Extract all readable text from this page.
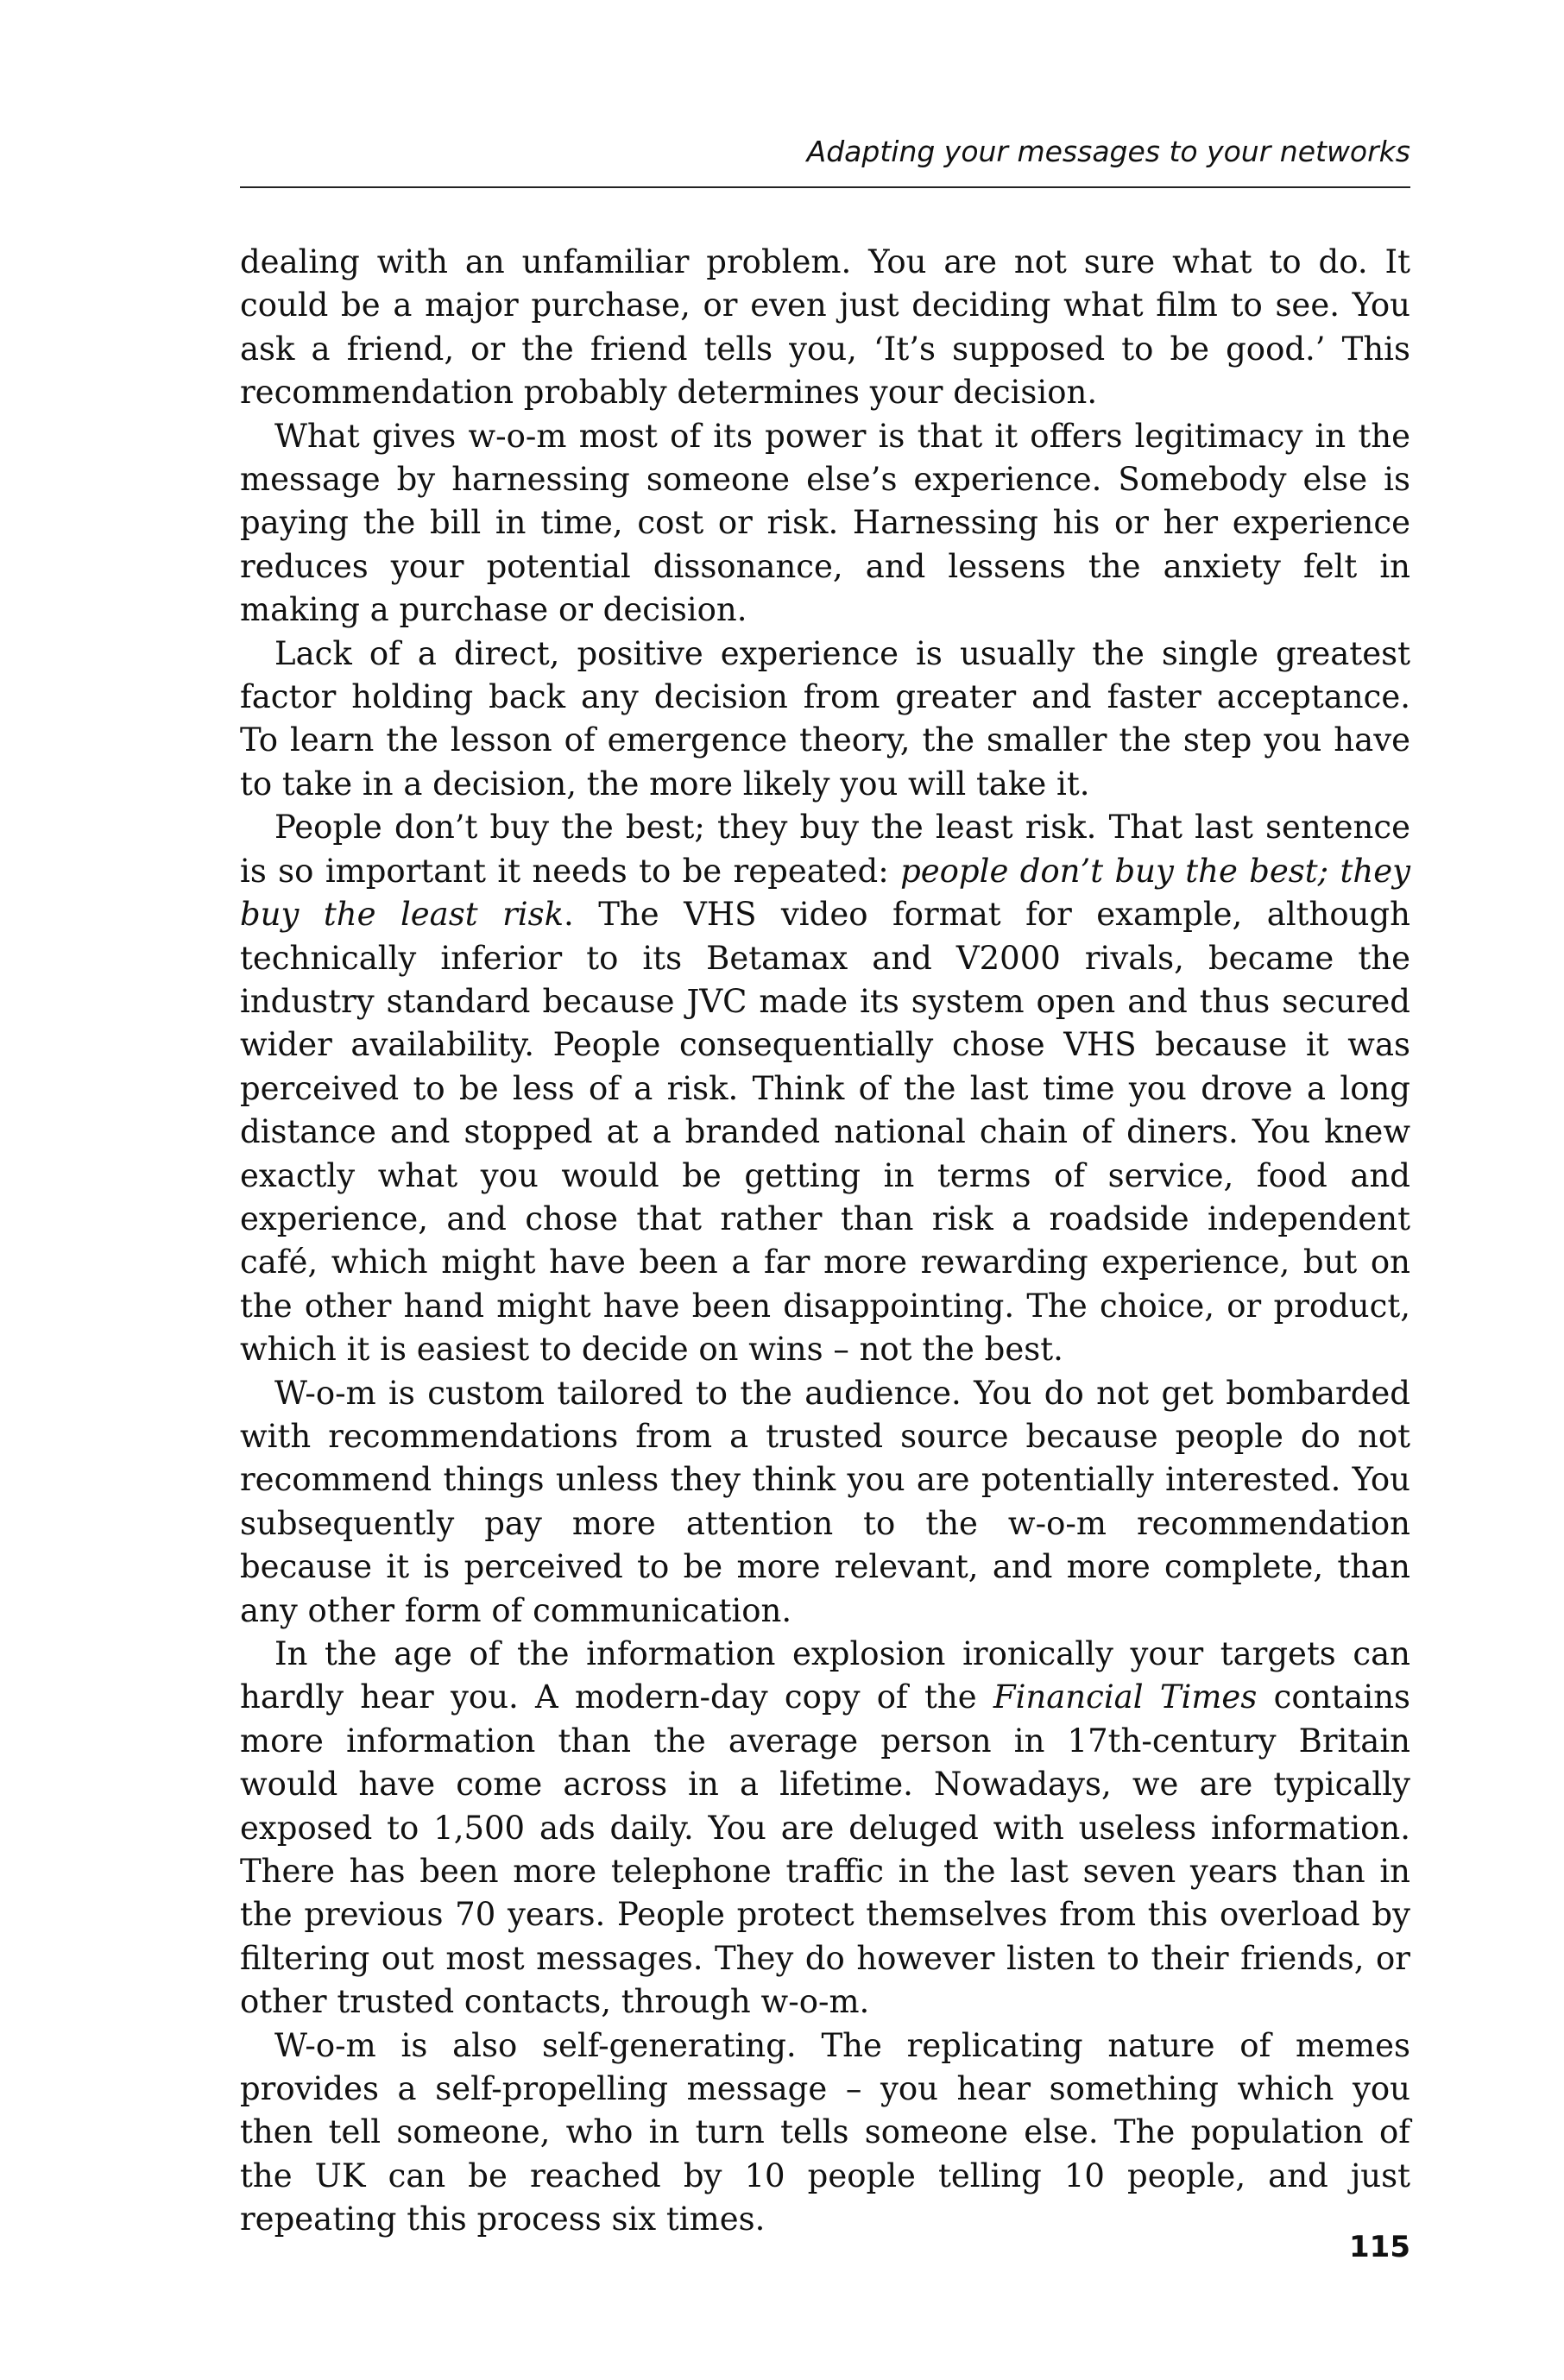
Adapting your messages to your networks

dealing with an unfamiliar problem. You are not sure what to do. It could be a major purchase, or even just deciding what film to see. You ask a friend, or the friend tells you, ‘It’s supposed to be good.’ This recommendation probably determines your decision.

What gives w-o-m most of its power is that it offers legitimacy in the message by harnessing someone else’s experience. Somebody else is paying the bill in time, cost or risk. Harnessing his or her experience reduces your potential dissonance, and lessens the anxiety felt in making a purchase or decision.

Lack of a direct, positive experience is usually the single greatest factor holding back any decision from greater and faster acceptance. To learn the lesson of emergence theory, the smaller the step you have to take in a decision, the more likely you will take it.

People don’t buy the best; they buy the least risk. That last sentence is so important it needs to be repeated: people don’t buy the best; they buy the least risk. The VHS video format for example, although technically inferior to its Betamax and V2000 rivals, became the industry standard because JVC made its system open and thus secured wider availability. People consequentially chose VHS because it was perceived to be less of a risk. Think of the last time you drove a long distance and stopped at a branded national chain of diners. You knew exactly what you would be getting in terms of service, food and experience, and chose that rather than risk a roadside independent café, which might have been a far more rewarding experience, but on the other hand might have been disappointing. The choice, or product, which it is easiest to decide on wins – not the best.

W-o-m is custom tailored to the audience. You do not get bombarded with recommendations from a trusted source because people do not recommend things unless they think you are potentially interested. You subsequently pay more attention to the w-o-m recommendation because it is perceived to be more relevant, and more complete, than any other form of communication.

In the age of the information explosion ironically your targets can hardly hear you. A modern-day copy of the Financial Times contains more information than the average person in 17th-century Britain would have come across in a lifetime. Nowadays, we are typically exposed to 1,500 ads daily. You are deluged with useless information. There has been more telephone traffic in the last seven years than in the previous 70 years. People protect themselves from this overload by filtering out most messages. They do however listen to their friends, or other trusted contacts, through w-o-m.

W-o-m is also self-generating. The replicating nature of memes provides a self-propelling message – you hear something which you then tell someone, who in turn tells someone else. The population of the UK can be reached by 10 people telling 10 people, and just repeating this process six times.

115
